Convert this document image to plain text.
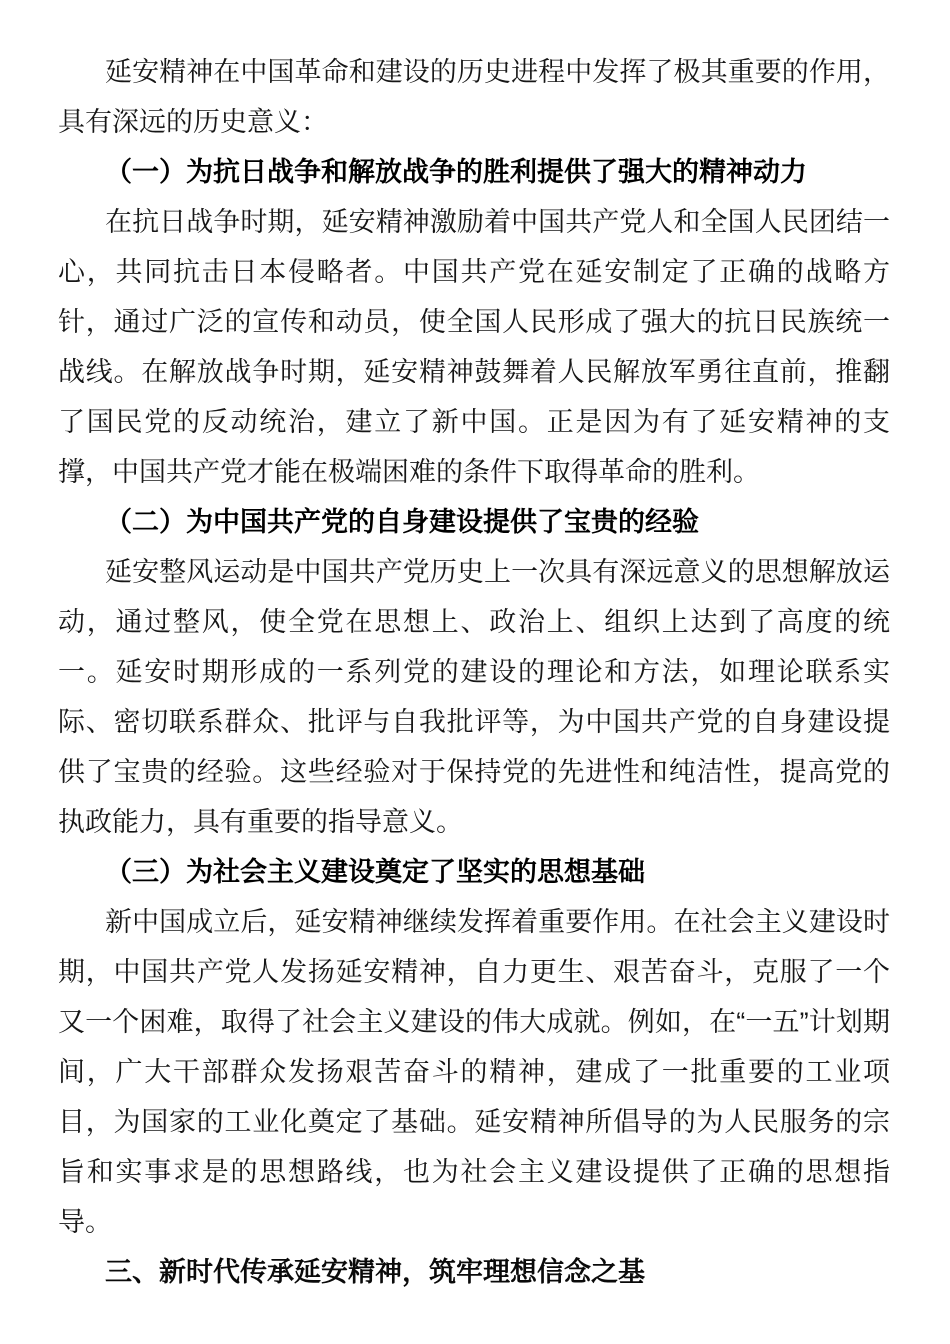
延安精神在中国革命和建设的历史进程中发挥了极其重要的作用，具有深远的历史意义：

（一）为抗日战争和解放战争的胜利提供了强大的精神动力

在抗日战争时期，延安精神激励着中国共产党人和全国人民团结一心，共同抗击日本侵略者。中国共产党在延安制定了正确的战略方针，通过广泛的宣传和动员，使全国人民形成了强大的抗日民族统一战线。在解放战争时期，延安精神鼓舞着人民解放军勇往直前，推翻了国民党的反动统治，建立了新中国。正是因为有了延安精神的支撑，中国共产党才能在极端困难的条件下取得革命的胜利。

（二）为中国共产党的自身建设提供了宝贵的经验

延安整风运动是中国共产党历史上一次具有深远意义的思想解放运动，通过整风，使全党在思想上、政治上、组织上达到了高度的统一。延安时期形成的一系列党的建设的理论和方法，如理论联系实际、密切联系群众、批评与自我批评等，为中国共产党的自身建设提供了宝贵的经验。这些经验对于保持党的先进性和纯洁性，提高党的执政能力，具有重要的指导意义。

（三）为社会主义建设奠定了坚实的思想基础

新中国成立后，延安精神继续发挥着重要作用。在社会主义建设时期，中国共产党人发扬延安精神，自力更生、艰苦奋斗，克服了一个又一个困难，取得了社会主义建设的伟大成就。例如，在“一五”计划期间，广大干部群众发扬艰苦奋斗的精神，建成了一批重要的工业项目，为国家的工业化奠定了基础。延安精神所倡导的为人民服务的宗旨和实事求是的思想路线，也为社会主义建设提供了正确的思想指导。

三、新时代传承延安精神，筑牢理想信念之基
